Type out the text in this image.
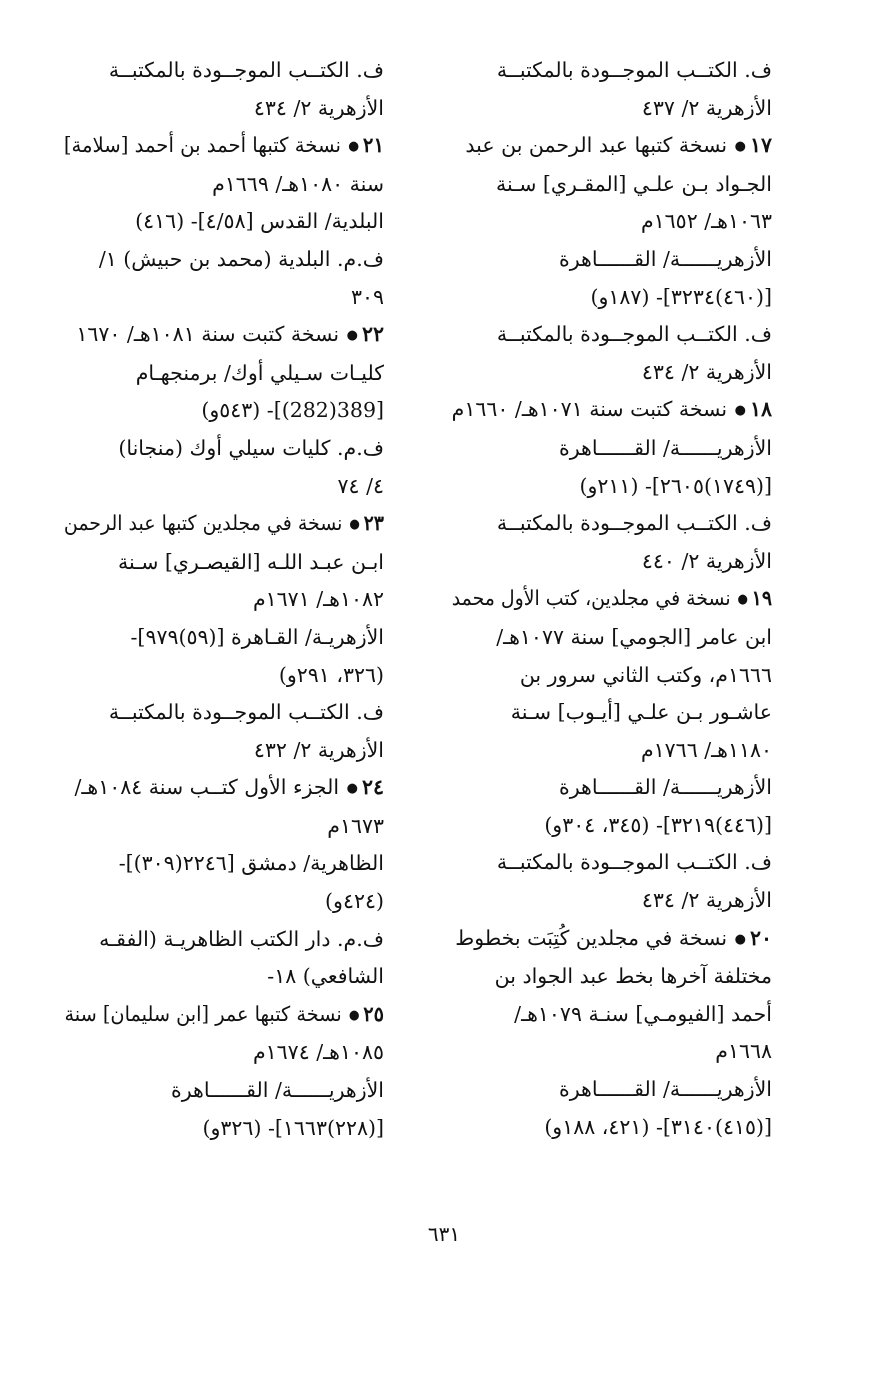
ف. الكتــب الموجــودة بالمكتبــة
الأزهرية ٢/ ٤٣٧
١٧● نسخة كتبها عبد الرحمن بن عبد
الجـواد بـن علـي [المقـري] سـنة
١٠٦٣هـ/ ١٦٥٢م
الأزهريــــــة/ القــــــاهرة
[(٤٦٠)٣٢٣٤]- (١٨٧و)
ف. الكتــب الموجــودة بالمكتبــة
الأزهرية ٢/ ٤٣٤
١٨● نسخة كتبت سنة ١٠٧١هـ/ ١٦٦٠م
الأزهريــــــة/ القــــــاهرة
[(١٧٤٩)٢٦٠٥]- (٢١١و)
ف. الكتــب الموجــودة بالمكتبــة
الأزهرية ٢/ ٤٤٠
١٩● نسخة في مجلدين، كتب الأول محمد
ابن عامر [الجومي] سنة ١٠٧٧هـ/
١٦٦٦م، وكتب الثاني سرور بن
عاشـور بـن علـي [أيـوب] سـنة
١١٨٠هـ/ ١٧٦٦م
الأزهريــــــة/ القــــــاهرة
[(٤٤٦)٣٢١٩]- (٣٤٥، ٣٠٤و)
ف. الكتــب الموجــودة بالمكتبــة
الأزهرية ٢/ ٤٣٤
٢٠● نسخة في مجلدين كُتِبَت بخطوط
مختلفة آخرها بخط عبد الجواد بن
أحمد [الفيومـي] سنـة ١٠٧٩هـ/
١٦٦٨م
الأزهريــــــة/ القــــــاهرة
[(٤١٥)٣١٤٠]- (٤٢١، ١٨٨و)
ف. الكتــب الموجــودة بالمكتبــة
الأزهرية ٢/ ٤٣٤
٢١● نسخة كتبها أحمد بن أحمد [سلامة]
سنة ١٠٨٠هـ/ ١٦٦٩م
البلدية/ القدس [٤/٥٨]- (٤١٦)
ف.م. البلدية (محمد بن حبيش) ١/
٣٠٩
٢٢● نسخة كتبت سنة ١٠٨١هـ/ ١٦٧٠
كليـات سـيلي أوك/ برمنجهـام
[389(282)]- (٥٤٣و)
ف.م. كليات سيلي أوك (منجانا)
٤/ ٧٤
٢٣● نسخة في مجلدين كتبها عبد الرحمن
ابـن عبـد اللـه [القيصـري] سـنة
١٠٨٢هـ/ ١٦٧١م
الأزهريـة/ القـاهرة [(٥٩)٩٧٩]-
(٣٢٦، ٢٩١و)
ف. الكتــب الموجــودة بالمكتبــة
الأزهرية ٢/ ٤٣٢
٢٤● الجزء الأول كتــب سنة ١٠٨٤هـ/
١٦٧٣م
الظاهرية/ دمشق [٢٢٤٦(٣٠٩)]-
(٤٢٤و)
ف.م. دار الكتب الظاهريـة (الفقـه
الشافعي) ١٨-
٢٥● نسخة كتبها عمر [ابن سليمان] سنة
١٠٨٥هـ/ ١٦٧٤م
الأزهريــــــة/ القــــــاهرة
[(٢٢٨)١٦٦٣]- (٣٢٦و)
٦٣١
